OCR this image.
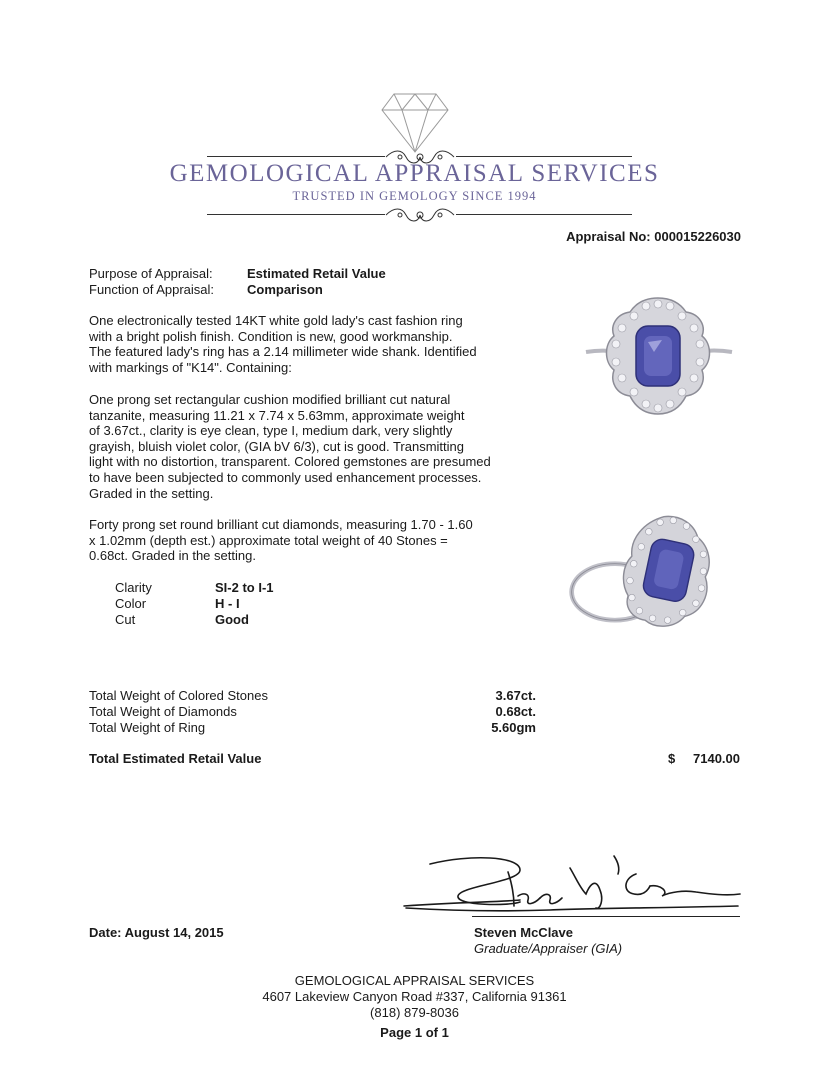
GEMOLOGICAL APPRAISAL SERVICES
TRUSTED IN GEMOLOGY SINCE 1994
Appraisal No: 000015226030
Purpose of Appraisal:	Estimated Retail Value
Function of Appraisal:	Comparison
One electronically tested 14KT white gold lady's cast fashion ring
with a bright polish finish. Condition is new, good workmanship.
The featured lady's ring has a 2.14 millimeter wide shank. Identified
with markings of "K14". Containing:
One prong set rectangular cushion modified brilliant cut natural
tanzanite, measuring 11.21 x 7.74 x 5.63mm, approximate weight
of 3.67ct., clarity is eye clean, type I, medium dark, very slightly
grayish, bluish violet color, (GIA bV 6/3), cut is good. Transmitting
light with no distortion, transparent. Colored gemstones are presumed
to have been subjected to commonly used enhancement processes.
Graded in the setting.
Forty prong set round brilliant cut diamonds, measuring 1.70 - 1.60
x 1.02mm (depth est.) approximate total weight of 40 Stones =
0.68ct. Graded in the setting.
Clarity	SI-2 to I-1
Color	H - I
Cut	Good
Total Weight of Colored Stones	3.67ct.
Total Weight of Diamonds	0.68ct.
Total Weight of Ring	5.60gm
Total Estimated Retail Value	$	7140.00
Date: August 14, 2015	Steven McClave
Graduate/Appraiser (GIA)
GEMOLOGICAL APPRAISAL SERVICES
4607 Lakeview Canyon Road #337, California 91361
(818) 879-8036
Page 1 of 1
